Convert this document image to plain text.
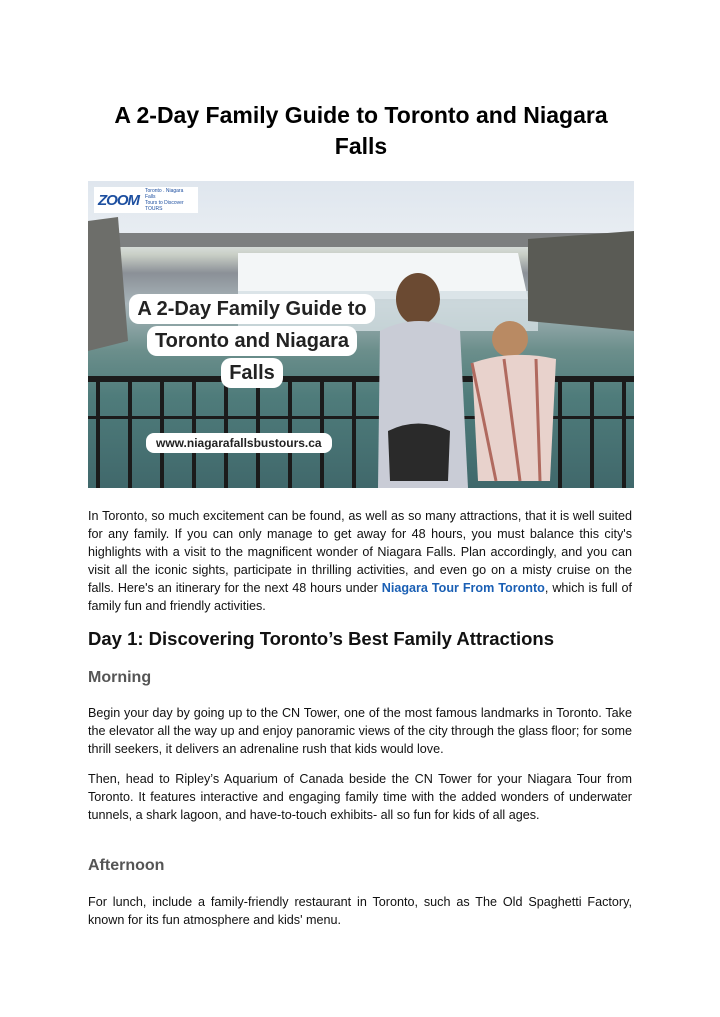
A 2-Day Family Guide to Toronto and Niagara Falls
ZOOM
Toronto . Niagara Falls
Tours to Discover
TOURS
A 2-Day Family Guide to
Toronto and Niagara
Falls
www.niagarafallsbustours.ca
In Toronto, so much excitement can be found, as well as so many attractions, that it is well suited for any family. If you can only manage to get away for 48 hours, you must balance this city's highlights with a visit to the magnificent wonder of Niagara Falls. Plan accordingly, and you can visit all the iconic sights, participate in thrilling activities, and even go on a misty cruise on the falls. Here's an itinerary for the next 48 hours under Niagara Tour From Toronto, which is full of family fun and friendly activities.
Day 1: Discovering Toronto’s Best Family Attractions
Morning
Begin your day by going up to the CN Tower, one of the most famous landmarks in Toronto. Take the elevator all the way up and enjoy panoramic views of the city through the glass floor; for some thrill seekers, it delivers an adrenaline rush that kids would love.
Then, head to Ripley’s Aquarium of Canada beside the CN Tower for your Niagara Tour from Toronto. It features interactive and engaging family time with the added wonders of underwater tunnels, a shark lagoon, and have-to-touch exhibits- all so fun for kids of all ages.
Afternoon
For lunch, include a family-friendly restaurant in Toronto, such as The Old Spaghetti Factory, known for its fun atmosphere and kids' menu.
